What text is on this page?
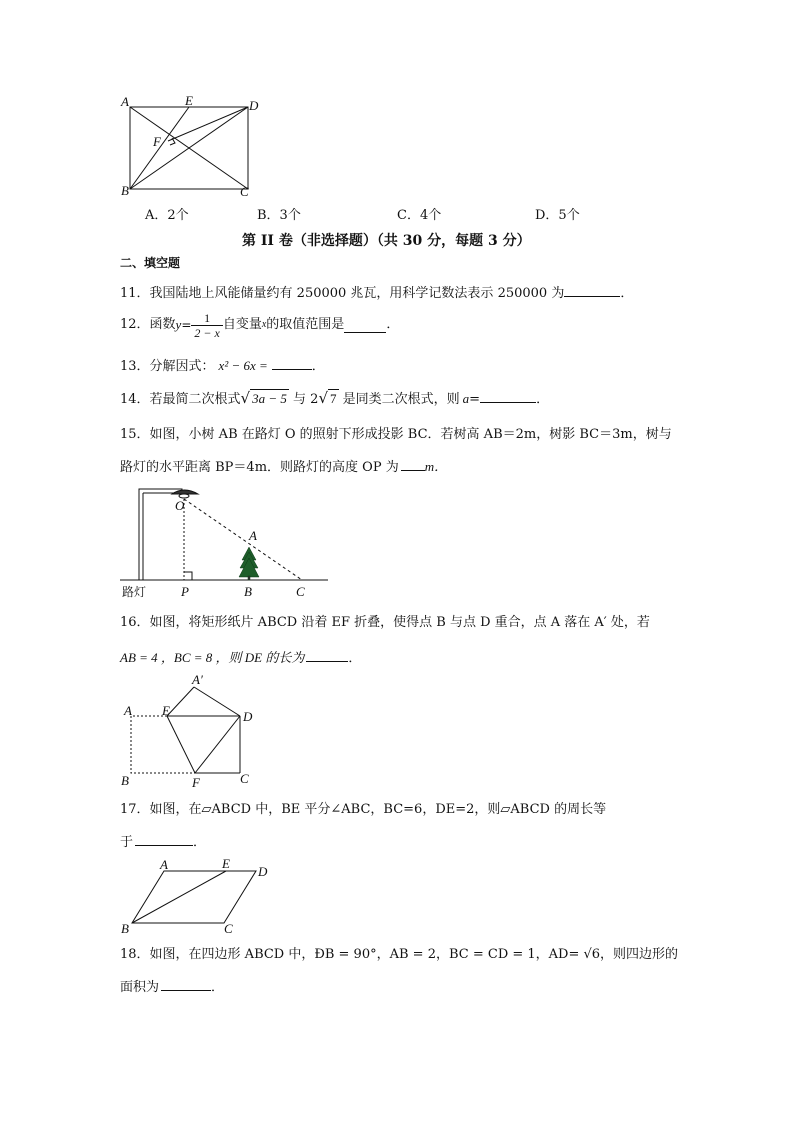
A	E	D
F
B	C
A．2个	B．3个	C．4个	D．5个
第 II 卷（非选择题）（共 30 分，每题 3 分）
二、填空题
11．我国陆地上风能储量约有 250000 兆瓦，用科学记数法表示 250000 为	．
12．函数 $y = \frac{1}{2 - x}$ 自变量 x 的取值范围是	．
13．分解因式： x² − 6x =	．
14．若最简二次根式√ 3a − 5 与 2√ 7 是同类二次根式，则 a=	．
15．如图，小树 AB 在路灯 O 的照射下形成投影 BC．若树高 AB＝2m，树影 BC＝3m，树与
路灯的水平距离 BP＝4m．则路灯的高度 OP 为 m．
O
A
路灯	P	B	C
16．如图，将矩形纸片 ABCD 沿着 EF 折叠，使得点 B 与点 D 重合，点 A 落在 A′ 处，若
AB = 4 ，BC = 8 ，则 DE 的长为	．
A′
A E	D
B	F	C
17．如图，在▱ABCD 中，BE 平分∠ABC，BC=6，DE=2，则▱ABCD 的周长等
于	．
A	E
D
B	C
18．如图，在四边形 ABCD 中，ÐB = 90°，AB = 2，BC = CD = 1，AD= √6，则四边形的
面积为	．
